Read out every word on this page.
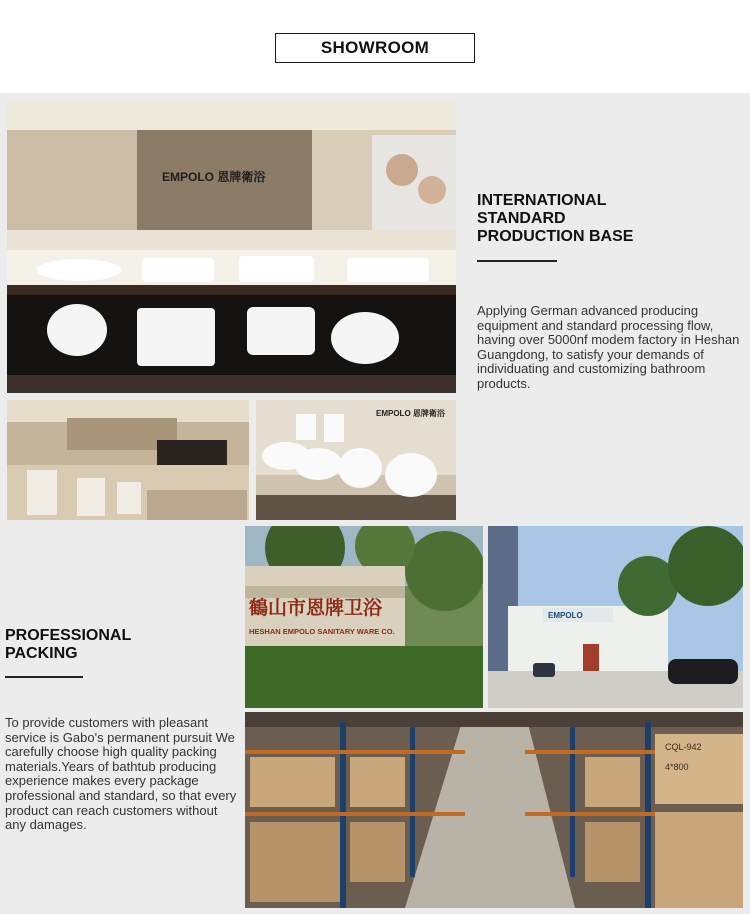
SHOWROOM
EMPOLO 恩牌衛浴
EMPOLO 恩牌衛浴
鶴山市恩牌卫浴
HESHAN EMPOLO SANITARY WARE CO.
EMPOLO
CQL-942
4*800
INTERNATIONAL
STANDARD
PRODUCTION BASE
Applying German advanced producing equipment and standard processing flow, having over 5000nf modem factory in Heshan Guangdong, to satisfy your demands of individuating and customizing bathroom products.
PROFESSIONAL
PACKING
To provide customers with pleasant service is Gabo's permanent pursuit We carefully choose high quality packing materials.Years of bathtub producing experience makes every package professional and standard, so that every product can reach customers without any damages.
